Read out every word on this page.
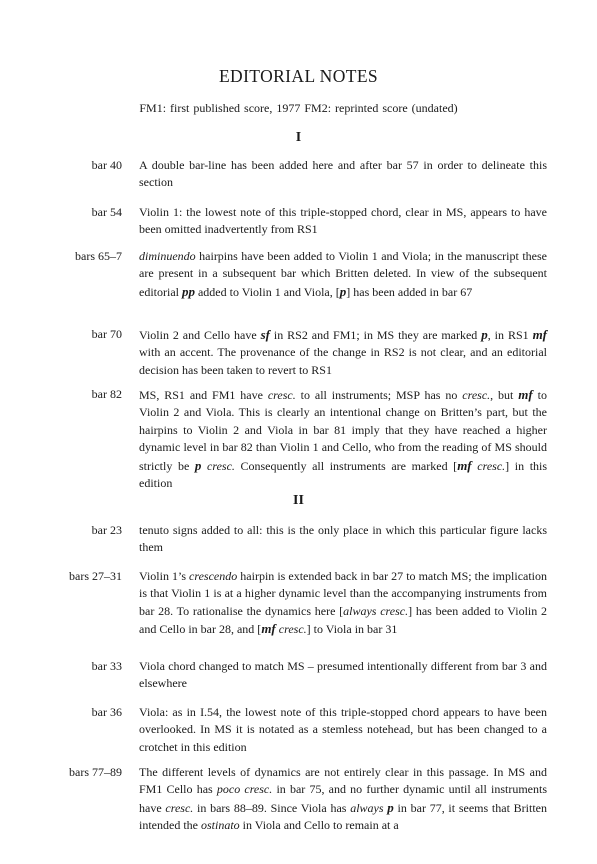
EDITORIAL NOTES
FM1: first published score, 1977 FM2: reprinted score (undated)
I
bar 40 A double bar-line has been added here and after bar 57 in order to delineate this section
bar 54 Violin 1: the lowest note of this triple-stopped chord, clear in MS, appears to have been omitted inadvertently from RS1
bars 65–7 diminuendo hairpins have been added to Violin 1 and Viola; in the manuscript these are present in a subsequent bar which Britten deleted. In view of the subsequent editorial pp added to Violin 1 and Viola, [p] has been added in bar 67
bar 70 Violin 2 and Cello have sf in RS2 and FM1; in MS they are marked p, in RS1 mf with an accent. The provenance of the change in RS2 is not clear, and an editorial decision has been taken to revert to RS1
bar 82 MS, RS1 and FM1 have cresc. to all instruments; MSP has no cresc., but mf to Violin 2 and Viola. This is clearly an intentional change on Britten’s part, but the hairpins to Violin 2 and Viola in bar 81 imply that they have reached a higher dynamic level in bar 82 than Violin 1 and Cello, who from the reading of MS should strictly be p cresc. Consequently all instruments are marked [mf cresc.] in this edition
II
bar 23 tenuto signs added to all: this is the only place in which this particular figure lacks them
bars 27–31 Violin 1’s crescendo hairpin is extended back in bar 27 to match MS; the implication is that Violin 1 is at a higher dynamic level than the accompanying instruments from bar 28. To rationalise the dynamics here [always cresc.] has been added to Violin 2 and Cello in bar 28, and [mf cresc.] to Viola in bar 31
bar 33 Viola chord changed to match MS – presumed intentionally different from bar 3 and elsewhere
bar 36 Viola: as in I.54, the lowest note of this triple-stopped chord appears to have been overlooked. In MS it is notated as a stemless notehead, but has been changed to a crotchet in this edition
bars 77–89 The different levels of dynamics are not entirely clear in this passage. In MS and FM1 Cello has poco cresc. in bar 75, and no further dynamic until all instruments have cresc. in bars 88–89. Since Viola has always p in bar 77, it seems that Britten intended the ostinato in Viola and Cello to remain at a
